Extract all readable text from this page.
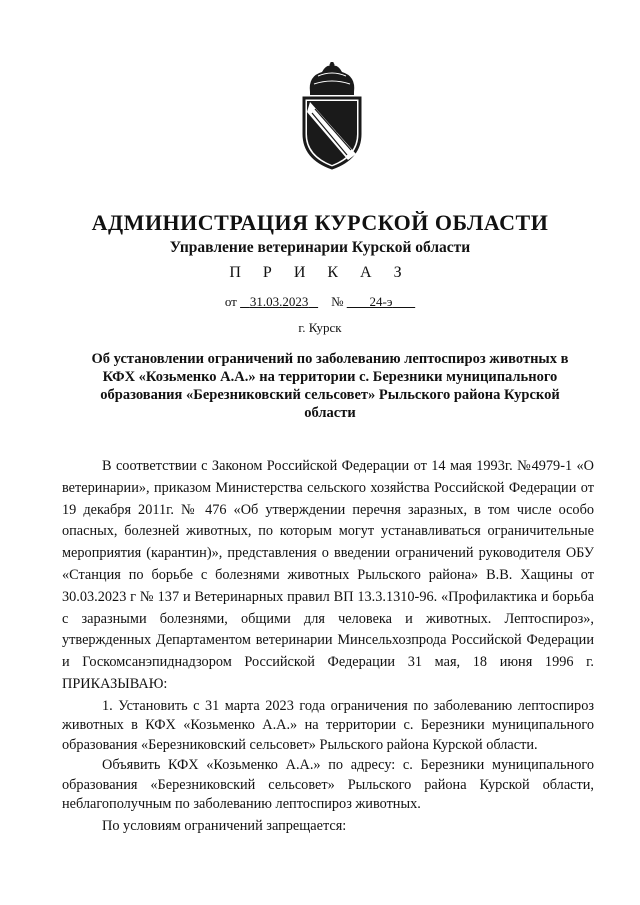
АДМИНИСТРАЦИЯ КУРСКОЙ ОБЛАСТИ
Управление ветеринарии Курской области
П Р И К А З
от 31.03.2023 № 24-э
г. Курск
Об установлении ограничений по заболеванию лептоспироз животных в КФХ «Козьменко А.А.» на территории с. Березники муниципального образования «Березниковский сельсовет» Рыльского района Курской области

В соответствии с Законом Российской Федерации от 14 мая 1993г. №4979-1 «О ветеринарии», приказом Министерства сельского хозяйства Российской Федерации от 19 декабря 2011г. № 476 «Об утверждении перечня заразных, в том числе особо опасных, болезней животных, по которым могут устанавливаться ограничительные мероприятия (карантин)», представления о введении ограничений руководителя ОБУ «Станция по борьбе с болезнями животных Рыльского района» В.В. Хащины от 30.03.2023 г № 137 и Ветеринарных правил ВП 13.3.1310-96. «Профилактика и борьба с заразными болезнями, общими для человека и животных. Лептоспироз», утвержденных Департаментом ветеринарии Минсельхозпрода Российской Федерации и Госкомсанэпиднадзором Российской Федерации 31 мая, 18 июня 1996 г. ПРИКАЗЫВАЮ:

1. Установить с 31 марта 2023 года ограничения по заболеванию лептоспироз животных в КФХ «Козьменко А.А.» на территории с. Березники муниципального образования «Березниковский сельсовет» Рыльского района Курской области.

Объявить КФХ «Козьменко А.А.» по адресу: с. Березники муниципального образования «Березниковский сельсовет» Рыльского района Курской области, неблагополучным по заболеванию лептоспироз животных.

По условиям ограничений запрещается:
